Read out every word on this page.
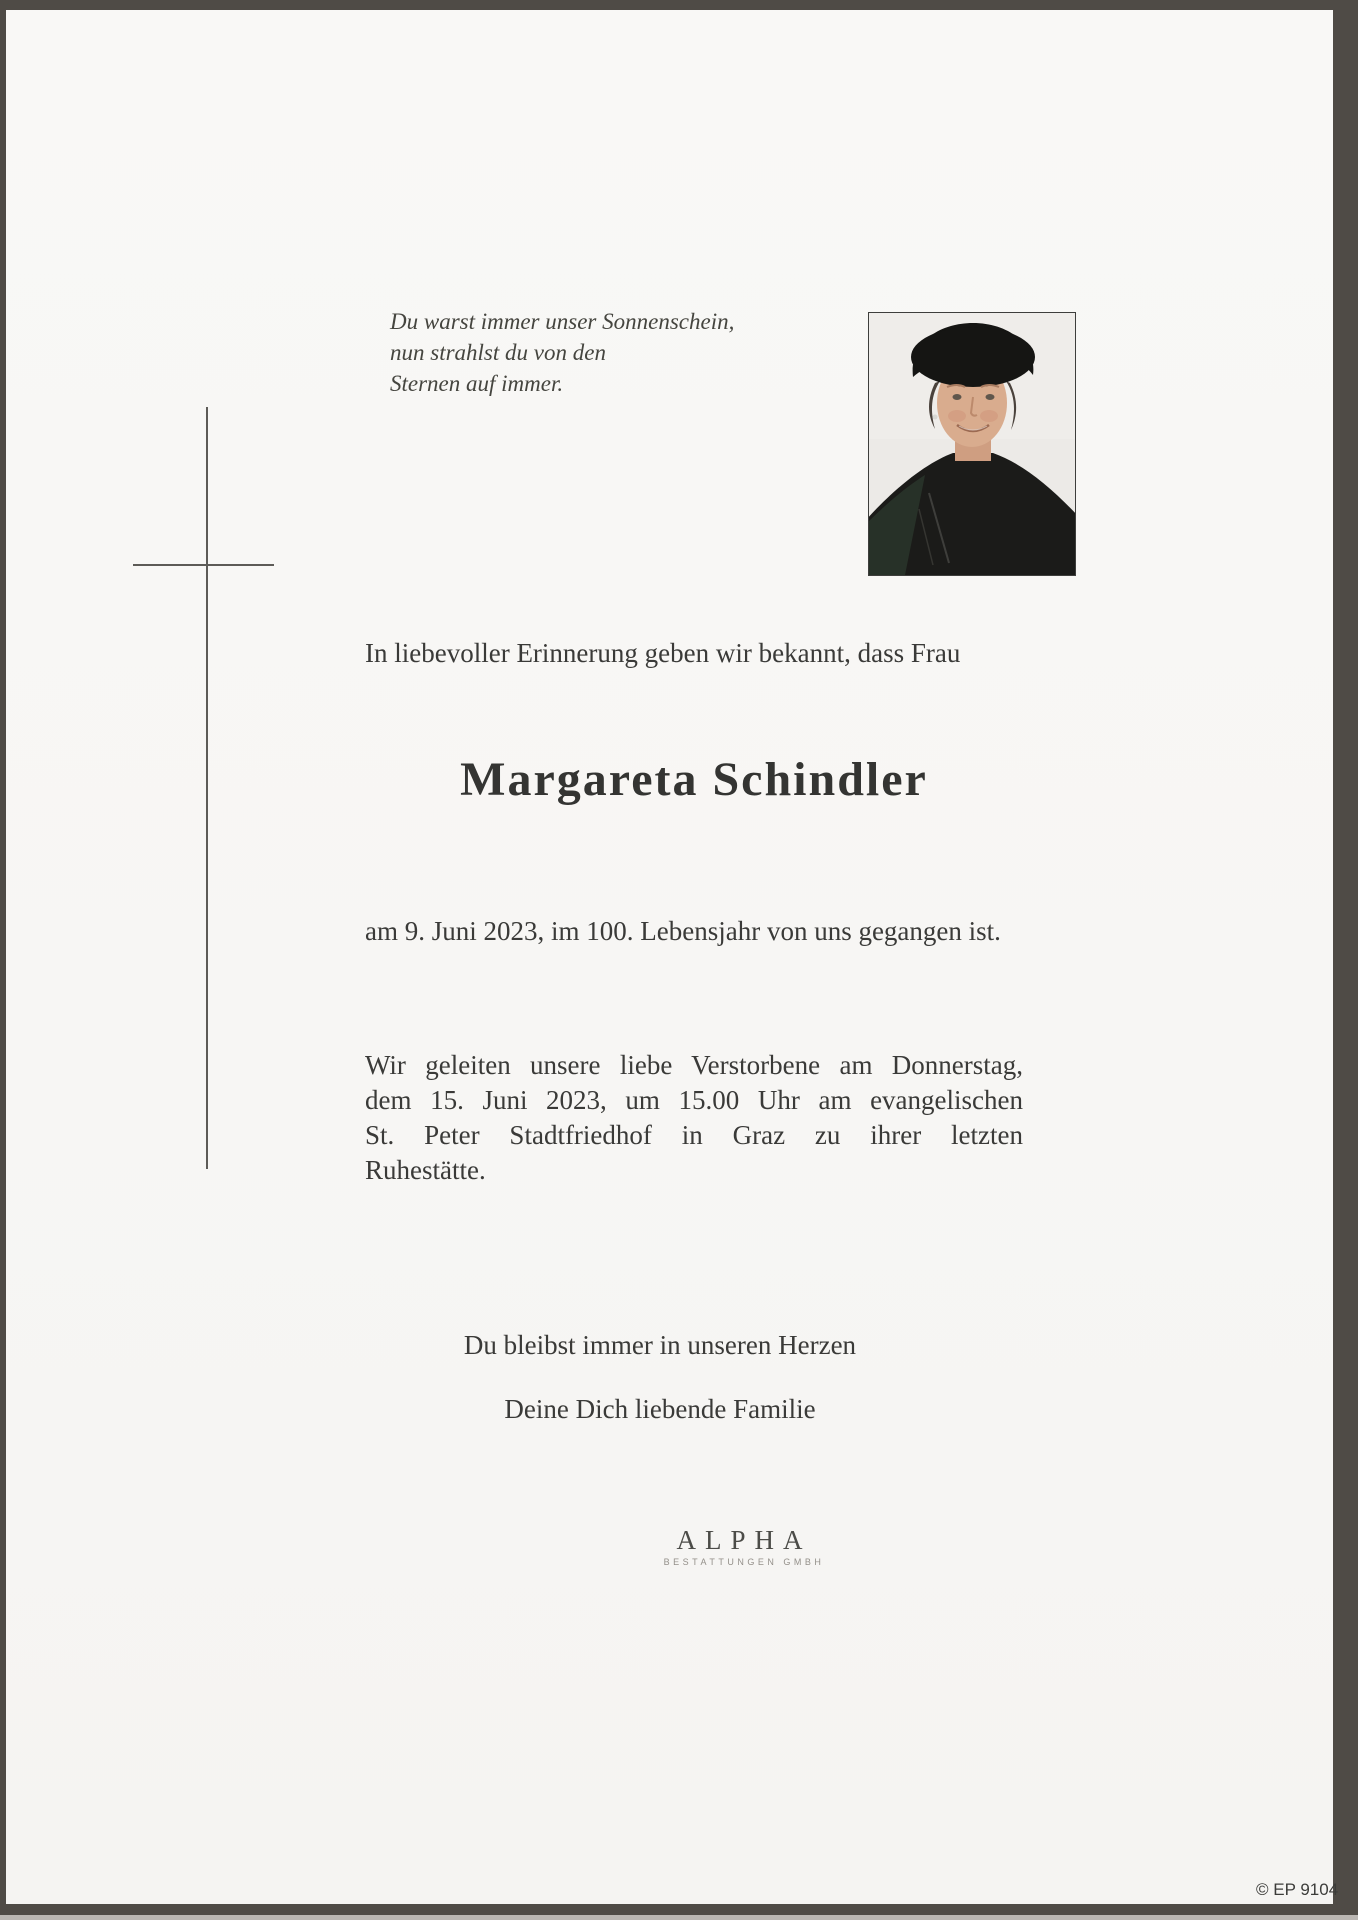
Du warst immer unser Sonnenschein,
nun strahlst du von den
Sternen auf immer.
In liebevoller Erinnerung geben wir bekannt, dass Frau
Margareta Schindler
am 9. Juni 2023, im 100. Lebensjahr von uns gegangen ist.
Wir geleiten unsere liebe Verstorbene am Donnerstag,
dem 15. Juni 2023, um 15.00 Uhr am evangelischen
St. Peter Stadtfriedhof in Graz zu ihrer letzten
Ruhestätte.
Du bleibst immer in unseren Herzen
Deine Dich liebende Familie
ALPHA
BESTATTUNGEN GMBH
© EP 9104
